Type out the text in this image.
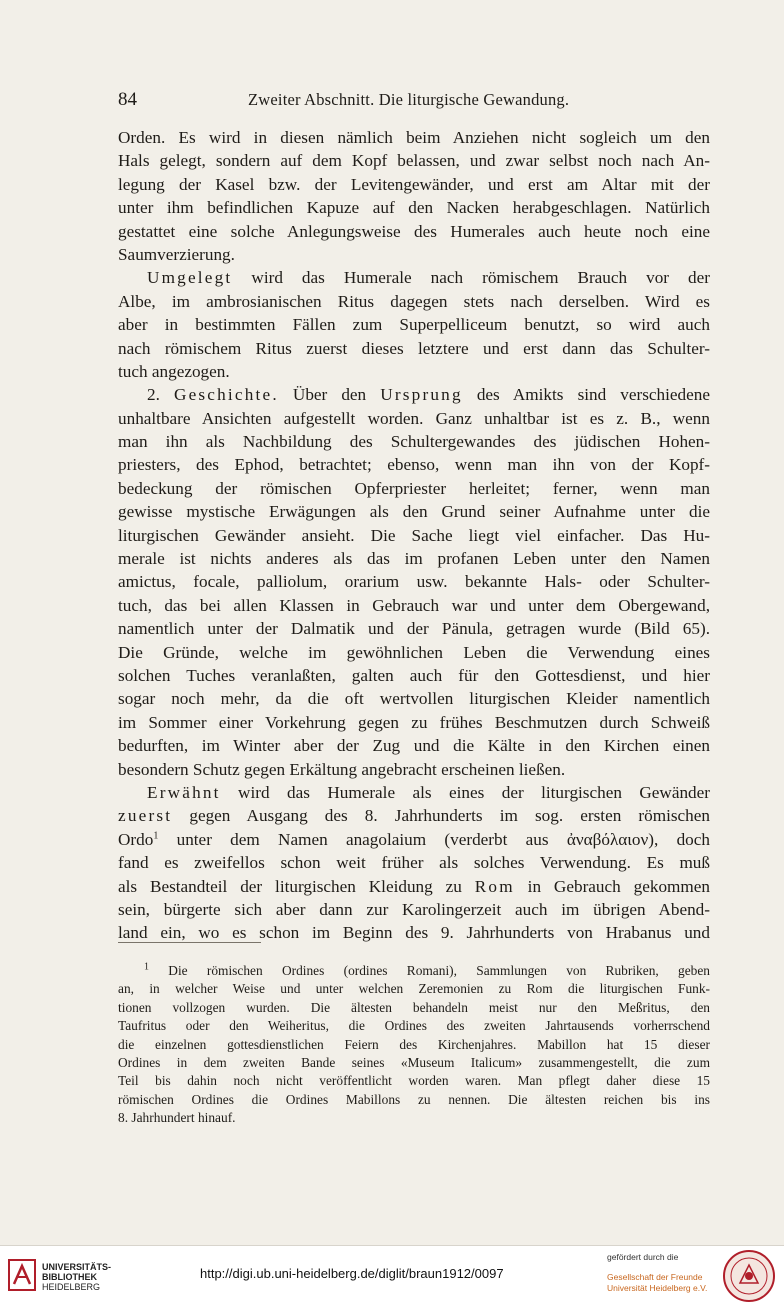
84	Zweiter Abschnitt. Die liturgische Gewandung.
Orden. Es wird in diesen nämlich beim Anziehen nicht sogleich um den
Hals gelegt, sondern auf dem Kopf belassen, und zwar selbst noch nach An-
legung der Kasel bzw. der Levitengewänder, und erst am Altar mit der
unter ihm befindlichen Kapuze auf den Nacken herabgeschlagen. Natürlich
gestattet eine solche Anlegungsweise des Humerales auch heute noch eine
Saumverzierung.
Umgelegt wird das Humerale nach römischem Brauch vor der
Albe, im ambrosianischen Ritus dagegen stets nach derselben. Wird es
aber in bestimmten Fällen zum Superpelliceum benutzt, so wird auch
nach römischem Ritus zuerst dieses letztere und erst dann das Schulter-
tuch angezogen.
2. Geschichte. Über den Ursprung des Amikts sind verschiedene
unhaltbare Ansichten aufgestellt worden. Ganz unhaltbar ist es z. B., wenn
man ihn als Nachbildung des Schultergewandes des jüdischen Hohen-
priesters, des Ephod, betrachtet; ebenso, wenn man ihn von der Kopf-
bedeckung der römischen Opferpriester herleitet; ferner, wenn man
gewisse mystische Erwägungen als den Grund seiner Aufnahme unter die
liturgischen Gewänder ansieht. Die Sache liegt viel einfacher. Das Hu-
merale ist nichts anderes als das im profanen Leben unter den Namen
amictus, focale, palliolum, orarium usw. bekannte Hals- oder Schulter-
tuch, das bei allen Klassen in Gebrauch war und unter dem Obergewand,
namentlich unter der Dalmatik und der Pänula, getragen wurde (Bild 65).
Die Gründe, welche im gewöhnlichen Leben die Verwendung eines
solchen Tuches veranlaßten, galten auch für den Gottesdienst, und hier
sogar noch mehr, da die oft wertvollen liturgischen Kleider namentlich
im Sommer einer Vorkehrung gegen zu frühes Beschmutzen durch Schweiß
bedurften, im Winter aber der Zug und die Kälte in den Kirchen einen
besondern Schutz gegen Erkältung angebracht erscheinen ließen.
Erwähnt wird das Humerale als eines der liturgischen Gewänder
zuerst gegen Ausgang des 8. Jahrhunderts im sog. ersten römischen
Ordo$^1$ unter dem Namen anagolaium (verderbt aus ἀναβόλαιον), doch
fand es zweifellos schon weit früher als solches Verwendung. Es muß
als Bestandteil der liturgischen Kleidung zu Rom in Gebrauch gekommen
sein, bürgerte sich aber dann zur Karolingerzeit auch im übrigen Abend-
land ein, wo es schon im Beginn des 9. Jahrhunderts von Hrabanus und
$^1$ Die römischen Ordines (ordines Romani), Sammlungen von Rubriken, geben
an, in welcher Weise und unter welchen Zeremonien zu Rom die liturgischen Funk-
tionen vollzogen wurden. Die ältesten behandeln meist nur den Meßritus, den
Taufritus oder den Weiheritus, die Ordines des zweiten Jahrtausends vorherrschend
die einzelnen gottesdienstlichen Feiern des Kirchenjahres. Mabillon hat 15 dieser
Ordines in dem zweiten Bande seines «Museum Italicum» zusammengestellt, die zum
Teil bis dahin noch nicht veröffentlicht worden waren. Man pflegt daher diese 15
römischen Ordines die Ordines Mabillons zu nennen. Die ältesten reichen bis ins
8. Jahrhundert hinauf.
UNIVERSITÄTS-
BIBLIOTHEK
HEIDELBERG
http://digi.ub.uni-heidelberg.de/diglit/braun1912/0097
gefördert durch die
Gesellschaft der Freunde
Universität Heidelberg e.V.
